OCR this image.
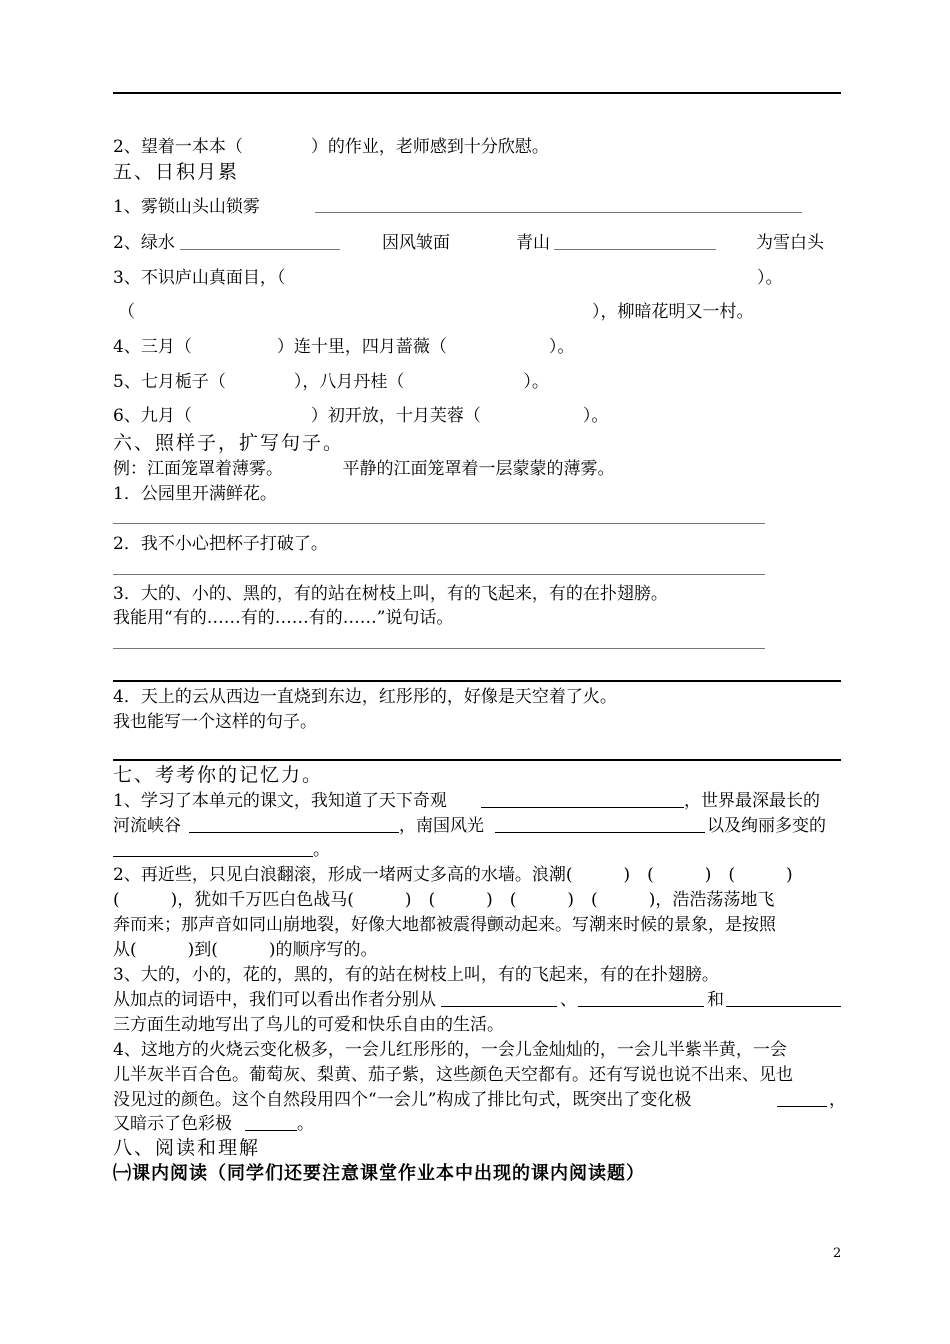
2、望着一本本（　　　　）的作业，老师感到十分欣慰。
五、日积月累
1、雾锁山头山锁雾
2、绿水	因风皱面	青山	为雪白头
3、不识庐山真面目，（	）。
（	），柳暗花明又一村。
4、三月（　　　　　）连十里，四月蔷薇（　　　　　　）。
5、七月栀子（　　　　），八月丹桂（　　　　　　　）。
6、九月（　　　　　　　）初开放，十月芙蓉（　　　　　　）。
六、照样子，扩写句子。
例：江面笼罩着薄雾。　　　　平静的江面笼罩着一层蒙蒙的薄雾。
1．公园里开满鲜花。
2．我不小心把杯子打破了。
3．大的、小的、黑的，有的站在树枝上叫，有的飞起来，有的在扑翅膀。
我能用“有的……有的……有的……”说句话。
4．天上的云从西边一直烧到东边，红彤彤的，好像是天空着了火。
我也能写一个这样的句子。
七、考考你的记忆力。
1、学习了本单元的课文，我知道了天下奇观	，世界最深最长的
河流峡谷	，南国风光	以及绚丽多变的
。
2、再近些，只见白浪翻滚，形成一堵两丈多高的水墙。浪潮(　　　)　(　　　)　(　　　)
(　　　)，犹如千万匹白色战马(　　　)　(　　　)　(　　　)　(　　　)，浩浩荡荡地飞
奔而来；那声音如同山崩地裂，好像大地都被震得颤动起来。写潮来时候的景象，是按照
从(　　　)到(　　　)的顺序写的。
3、大的，小的，花的，黑的，有的站在树枝上叫，有的飞起来，有的在扑翅膀。
从加点的词语中，我们可以看出作者分别从	、	和
三方面生动地写出了鸟儿的可爱和快乐自由的生活。
4、这地方的火烧云变化极多，一会儿红彤彤的，一会儿金灿灿的，一会儿半紫半黄，一会
儿半灰半百合色。葡萄灰、梨黄、茄子紫，这些颜色天空都有。还有写说也说不出来、见也
没见过的颜色。这个自然段用四个“一会儿”构成了排比句式，既突出了变化极	，
又暗示了色彩极	。
八、阅读和理解
㈠课内阅读（同学们还要注意课堂作业本中出现的课内阅读题）
2
